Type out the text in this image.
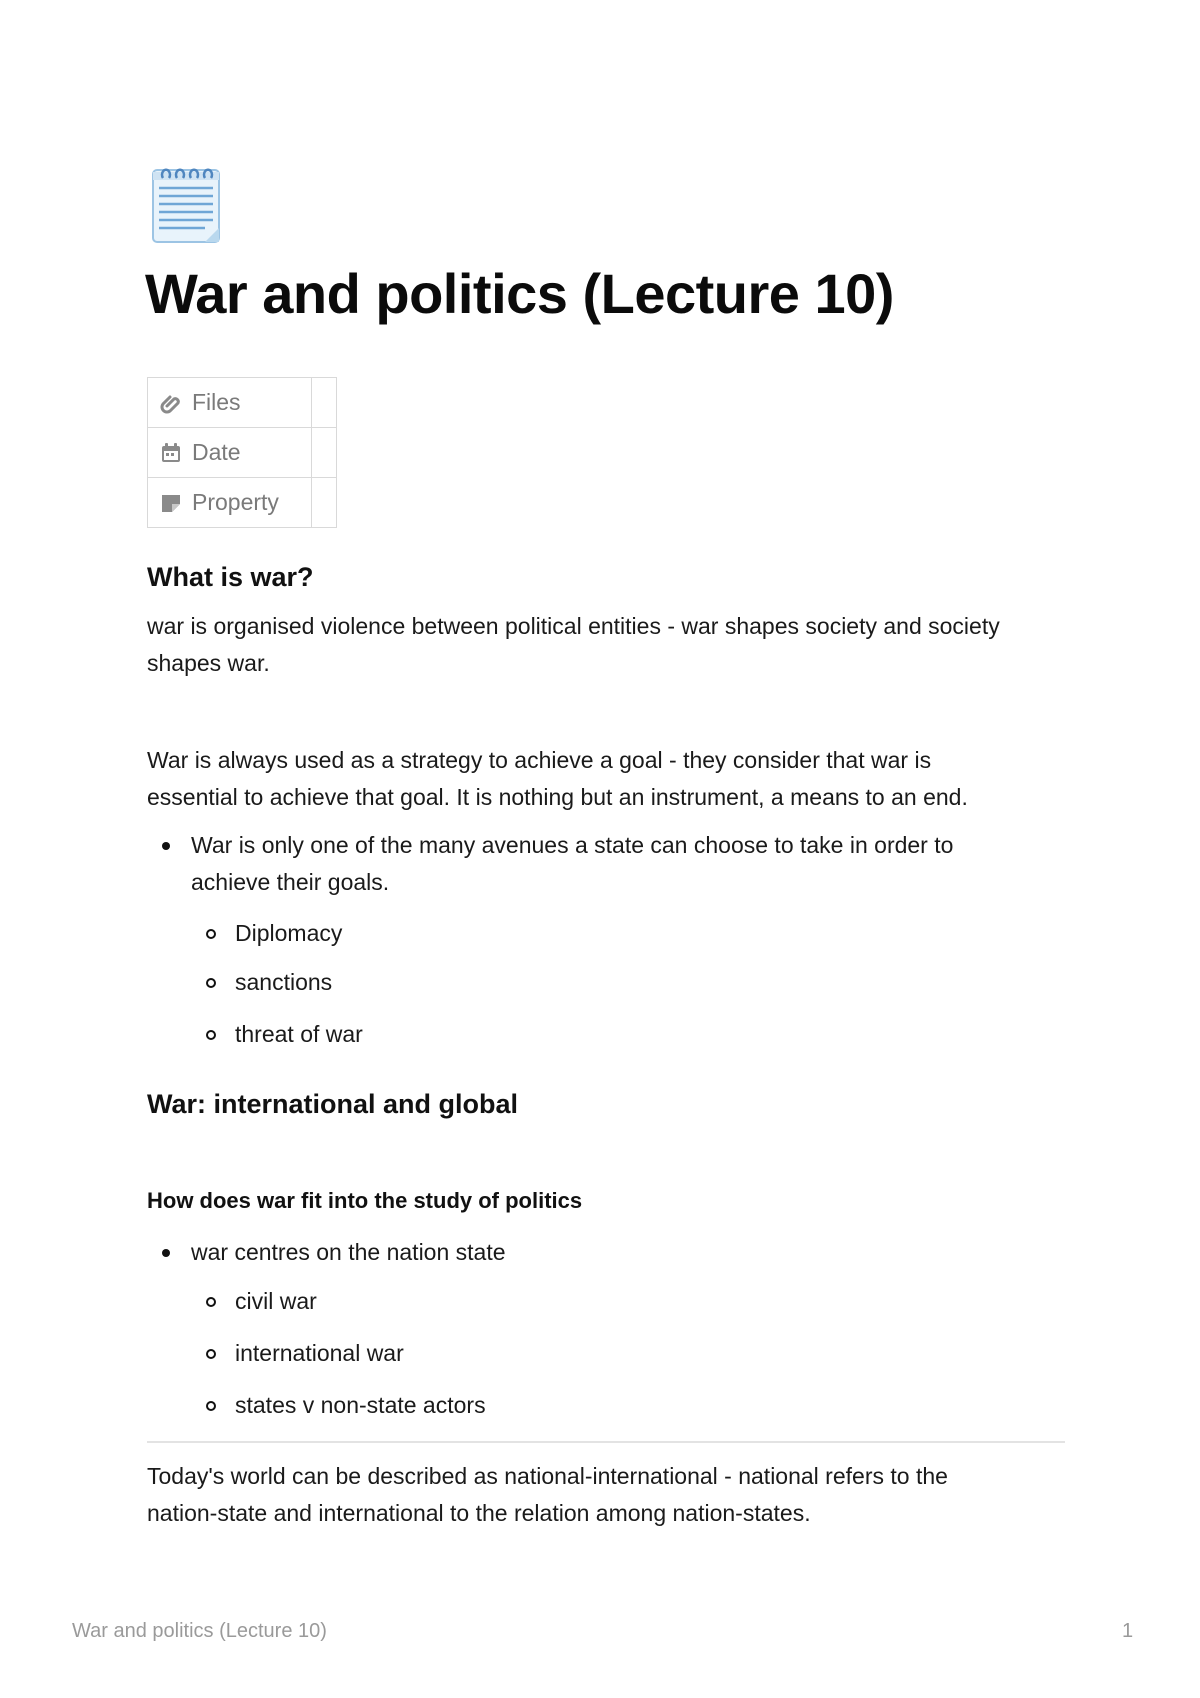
War and politics (Lecture 10)
Files	

Date	

Property	

What is war?

war is organised violence between political entities - war shapes society and society

shapes war.

War is always used as a strategy to achieve a goal - they consider that war is

essential to achieve that goal. It is nothing but an instrument, a means to an end.

War is only one of the many avenues a state can choose to take in order to
achieve their goals.
Diplomacy
sanctions
threat of war
War: international and global
How does war fit into the study of politics
war centres on the nation state
civil war
international war
states v non-state actors

Today's world can be described as national-international - national refers to the

nation-state and international to the relation among nation-states.

War and politics (Lecture 10)	1
